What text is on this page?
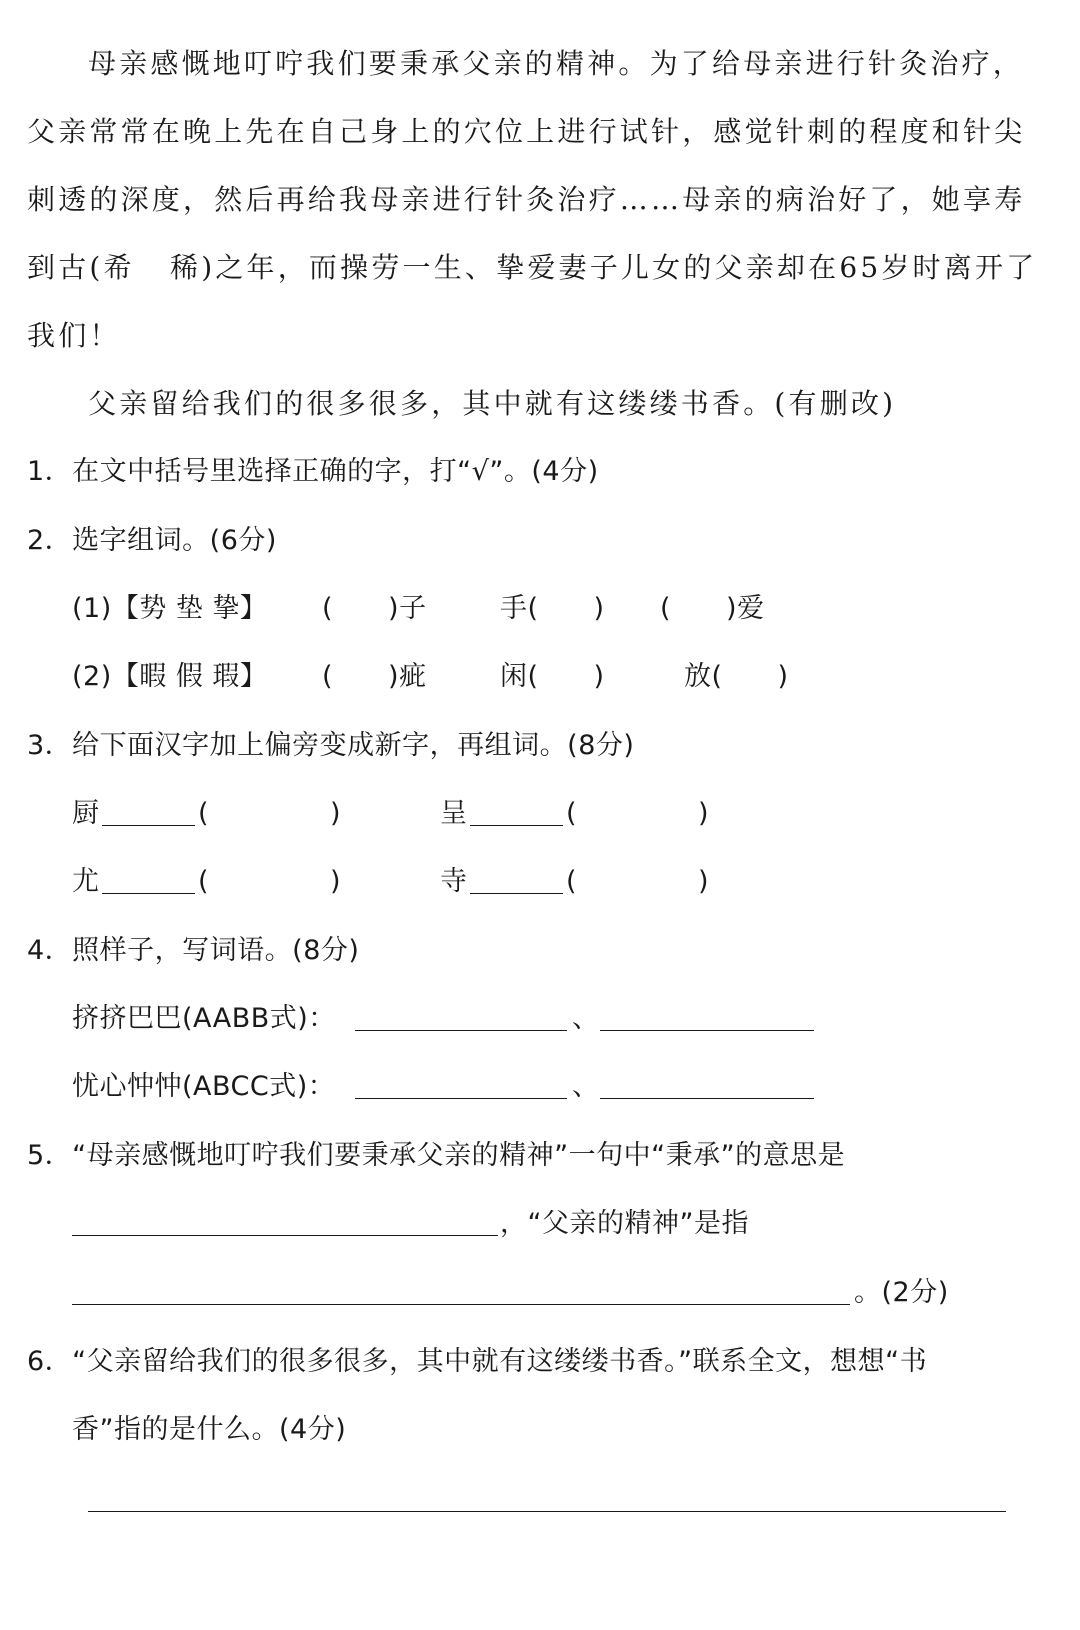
母亲感慨地叮咛我们要秉承父亲的精神。为了给母亲进行针灸治疗，
父亲常常在晚上先在自己身上的穴位上进行试针，感觉针刺的程度和针尖
刺透的深度，然后再给我母亲进行针灸治疗……母亲的病治好了，她享寿
到古(希 稀)之年，而操劳一生、挚爱妻子儿女的父亲却在65岁时离开了
我们！
父亲留给我们的很多很多，其中就有这缕缕书香。(有删改)
1．在文中括号里选择正确的字，打“√”。(4分)
2．选字组词。(6分)
(1)【势 垫 挚】 (　　)子	手(　　) (　　)爱
(2)【暇 假 瑕】 (　　)疵	闲(　　)	放(　　)
3．给下面汉字加上偏旁变成新字，再组词。(8分)
厨	(	)	呈	(	)
尤	(	)	寺	(	)
4．照样子，写词语。(8分)
挤挤巴巴(AABB式)：	、
忧心忡忡(ABCC式)：	、
5．“母亲感慨地叮咛我们要秉承父亲的精神”一句中“秉承”的意思是
，“父亲的精神”是指
。(2分)
6．“父亲留给我们的很多很多，其中就有这缕缕书香。”联系全文，想想“书
香”指的是什么。(4分)
